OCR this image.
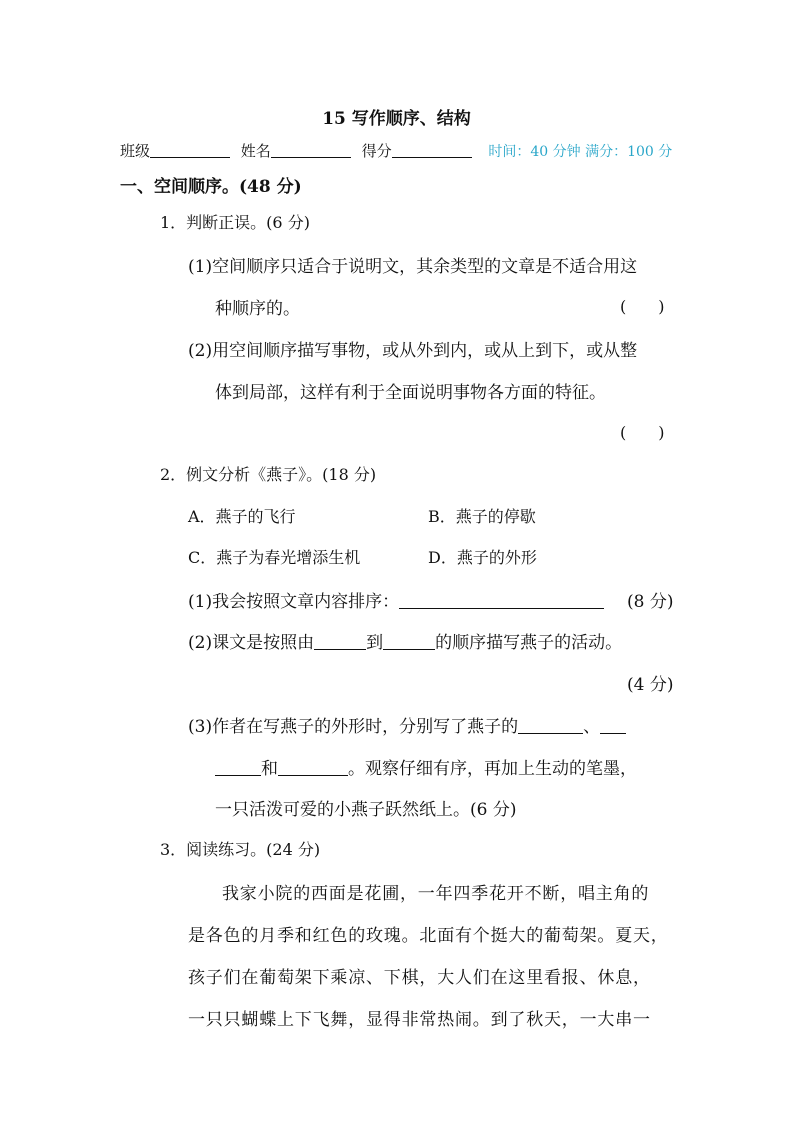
15 写作顺序、结构
班级	姓名	得分	时间：40 分钟 满分：100 分
一、空间顺序。(48 分)
1．判断正误。(6 分)
(1)空间顺序只适合于说明文，其余类型的文章是不适合用这
种顺序的。	(　　)
(2)用空间顺序描写事物，或从外到内，或从上到下，或从整
体到局部，这样有利于全面说明事物各方面的特征。
(　　)
2．例文分析《燕子》。(18 分)
A．燕子的飞行	B．燕子的停歇
C．燕子为春光增添生机	D．燕子的外形
(1)我会按照文章内容排序：	(8 分)
(2)课文是按照由	到	的顺序描写燕子的活动。
(4 分)
(3)作者在写燕子的外形时，分别写了燕子的	、
和	。观察仔细有序，再加上生动的笔墨，
一只活泼可爱的小燕子跃然纸上。(6 分)
3．阅读练习。(24 分)
我家小院的西面是花圃，一年四季花开不断，唱主角的
是各色的月季和红色的玫瑰。北面有个挺大的葡萄架。夏天，
孩子们在葡萄架下乘凉、下棋，大人们在这里看报、休息，
一只只蝴蝶上下飞舞，显得非常热闹。到了秋天，一大串一
